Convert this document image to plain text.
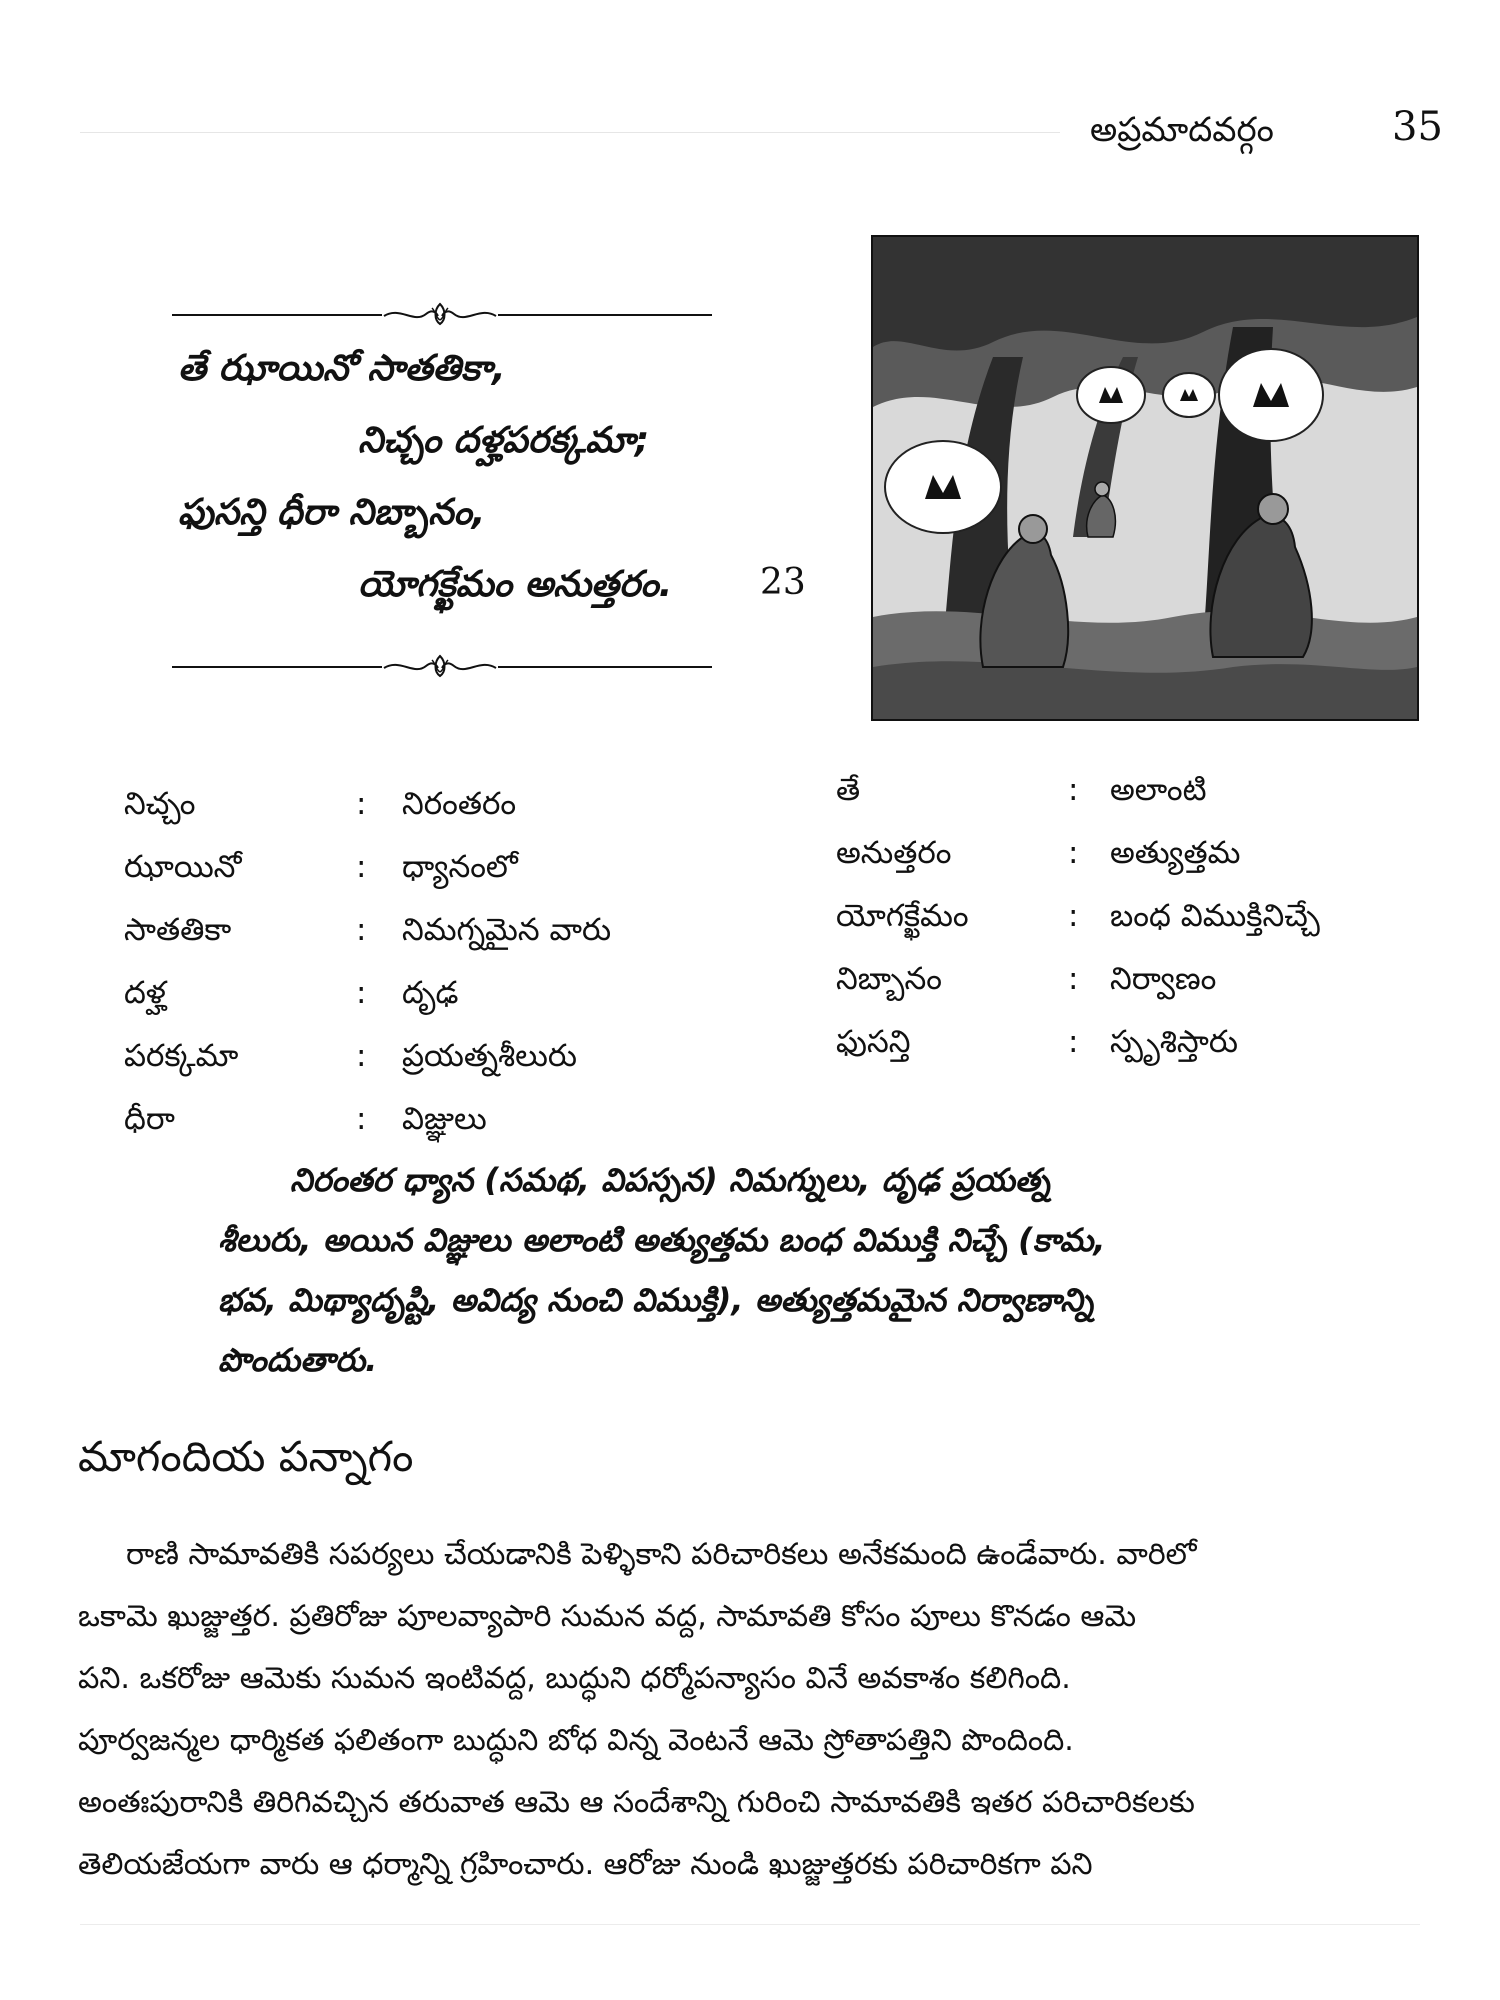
అప్రమాదవర్గం	35
తే ఝాయినో సాతతికా,
నిచ్చం దళ్హపరక్కమా;
ఫుసన్తి ధీరా నిబ్బానం,
యోగక్ఖేమం అనుత్తరం. 23
నిచ్చం	: నిరంతరం
ఝాయినో	: ధ్యానంలో
సాతతికా	: నిమగ్నమైన వారు
దళ్హ	: దృఢ
పరక్కమా	: ప్రయత్నశీలురు
ధీరా	: విజ్ఞులు
తే	: అలాంటి
అనుత్తరం	: అత్యుత్తమ
యోగక్ఖేమం	: బంధ విముక్తినిచ్చే
నిబ్బానం	: నిర్వాణం
ఫుసన్తి	: స్పృశిస్తారు
నిరంతర ధ్యాన (సమథ, విపస్సన) నిమగ్నులు, దృఢ ప్రయత్న
శీలురు, అయిన విజ్ఞులు అలాంటి అత్యుత్తమ బంధ విముక్తి నిచ్చే (కామ,
భవ, మిథ్యాదృష్టి, అవిద్య నుంచి విముక్తి), అత్యుత్తమమైన నిర్వాణాన్ని
పొందుతారు.
మాగందియ పన్నాగం
రాణి సామావతికి సపర్యలు చేయడానికి పెళ్ళికాని పరిచారికలు అనేకమంది ఉండేవారు. వారిలో
ఒకామె ఖుజ్జుత్తర. ప్రతిరోజు పూలవ్యాపారి సుమన వద్ద, సామావతి కోసం పూలు కొనడం ఆమె
పని. ఒకరోజు ఆమెకు సుమన ఇంటివద్ద, బుద్ధుని ధర్మోపన్యాసం వినే అవకాశం కలిగింది.
పూర్వజన్మల ధార్మికత ఫలితంగా బుద్ధుని బోధ విన్న వెంటనే ఆమె స్రోతాపత్తిని పొందింది.
అంతఃపురానికి తిరిగివచ్చిన తరువాత ఆమె ఆ సందేశాన్ని గురించి సామావతికి ఇతర పరిచారికలకు
తెలియజేయగా వారు ఆ ధర్మాన్ని గ్రహించారు. ఆరోజు నుండి ఖుజ్జుత్తరకు పరిచారికగా పని
